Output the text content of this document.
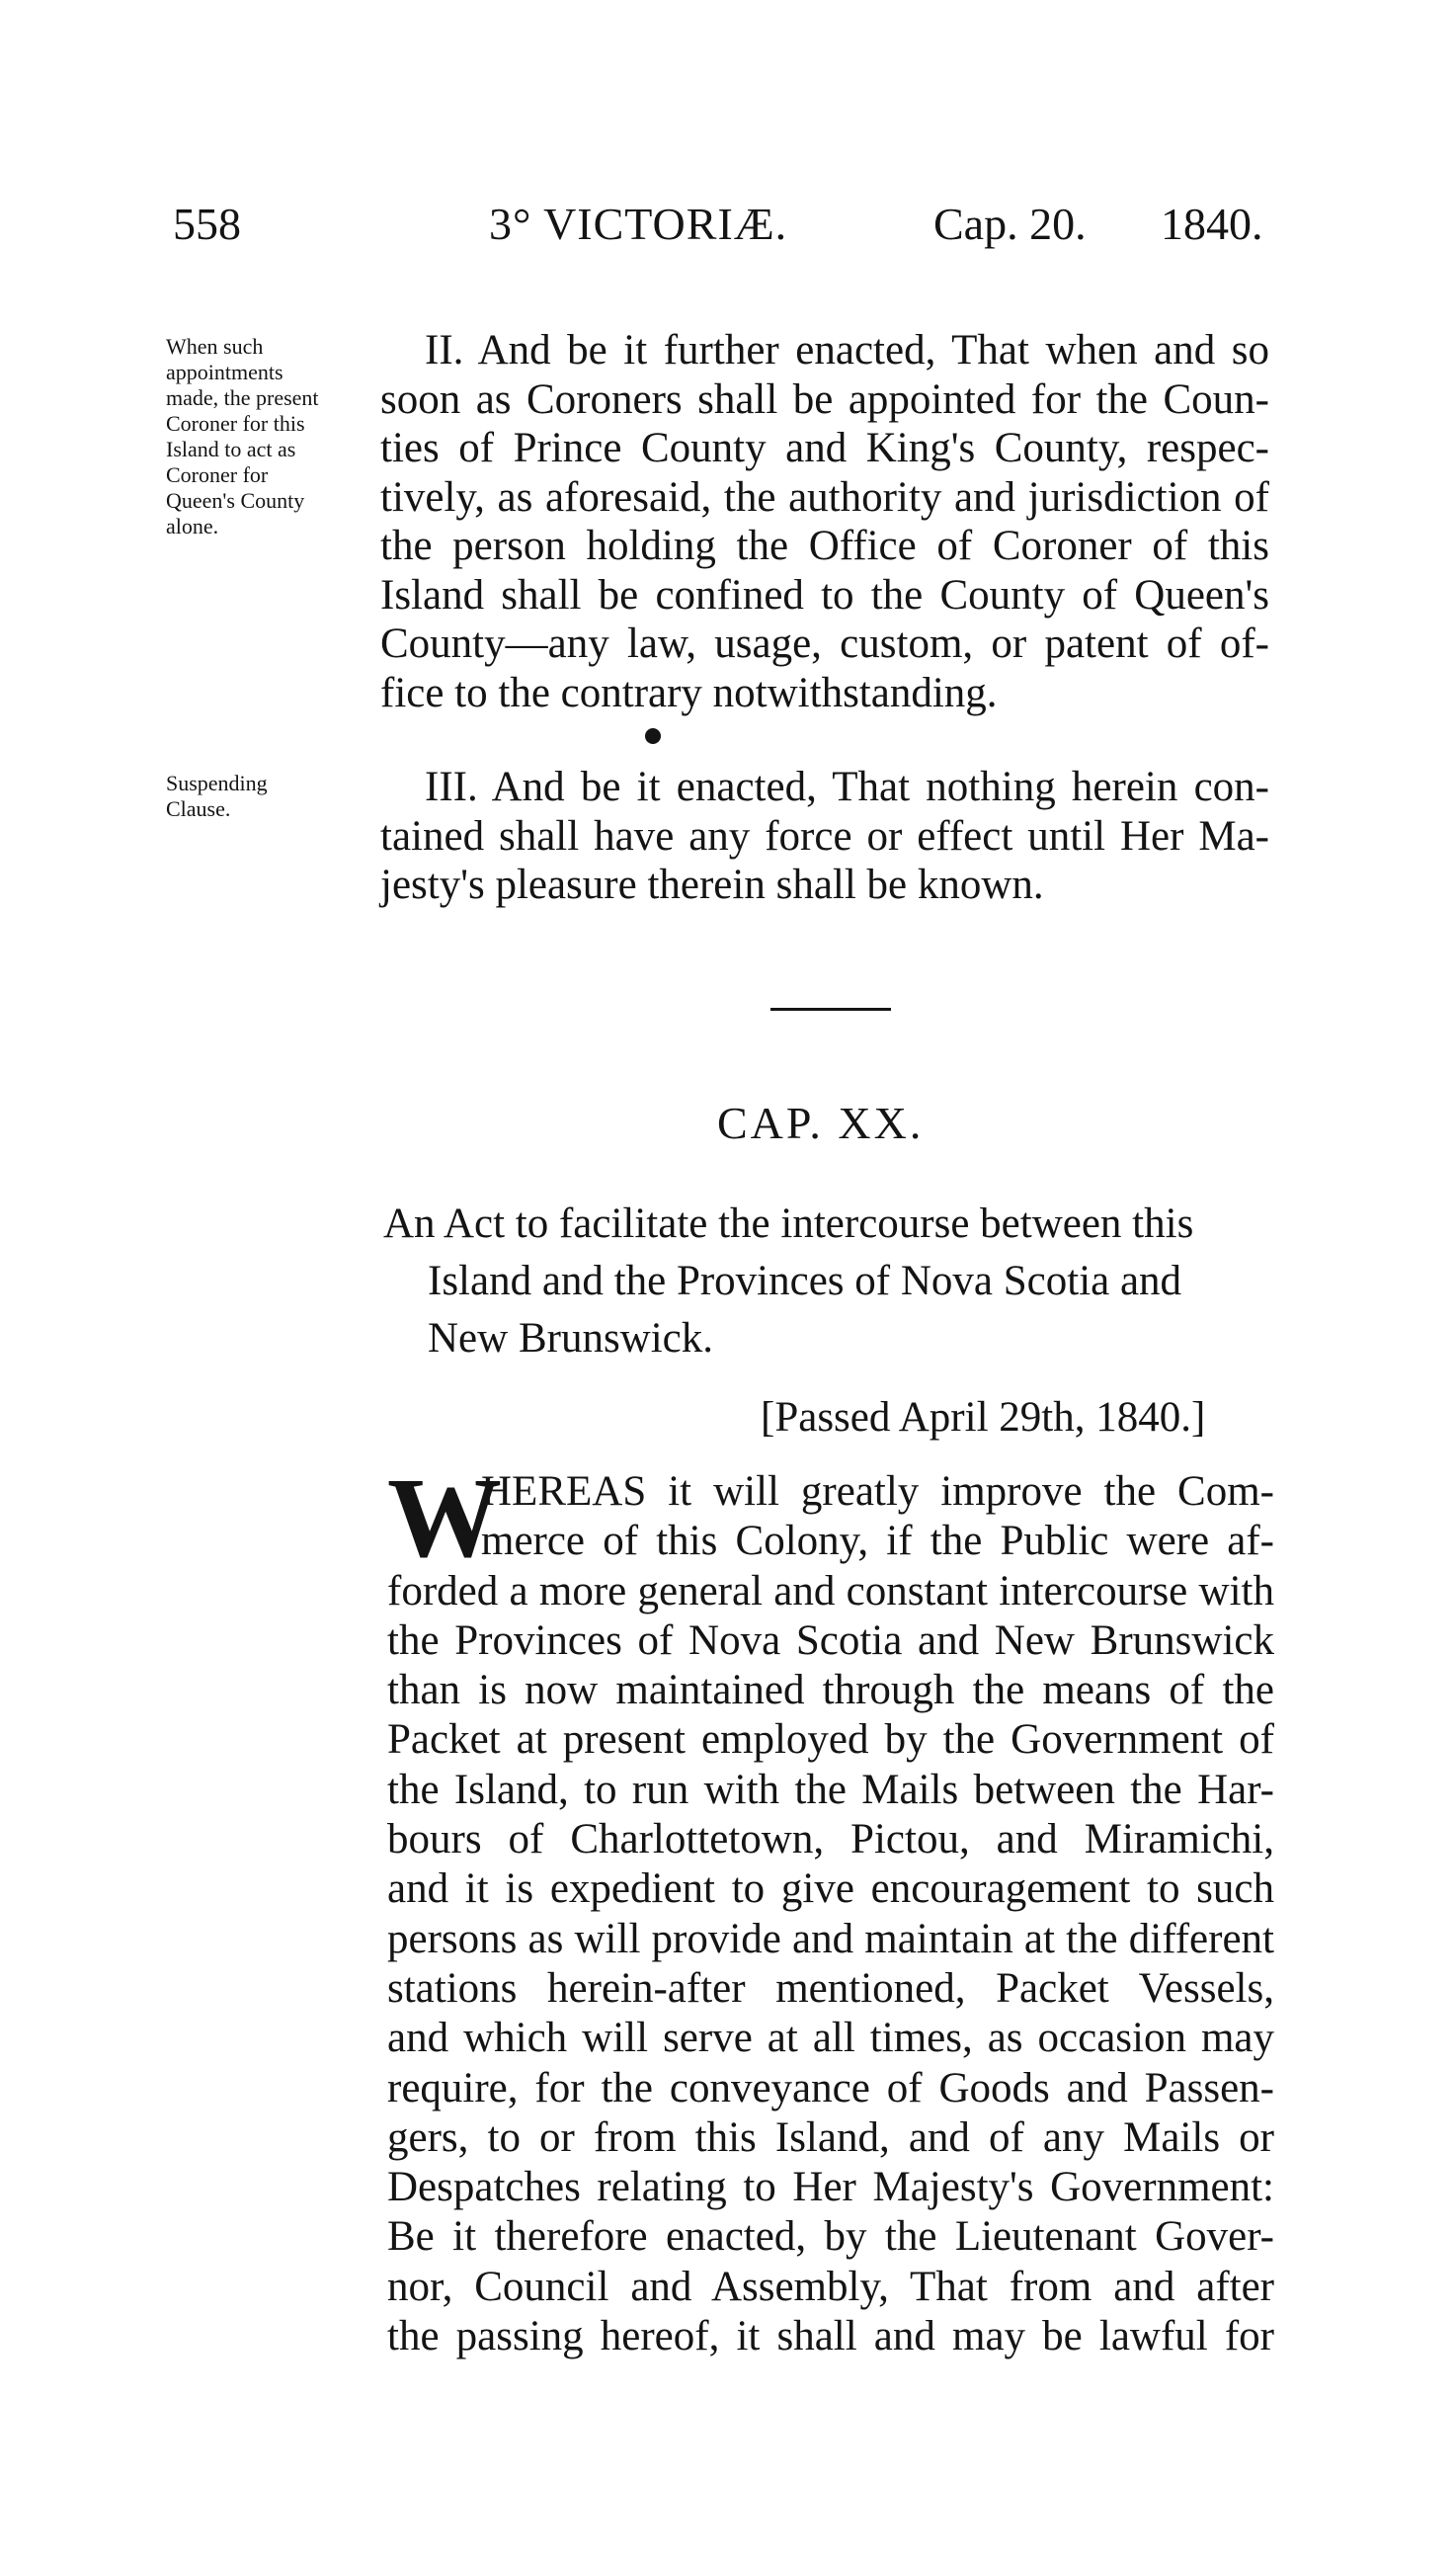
558	3° VICTORIÆ.	Cap. 20. 1840.
When such
appointments
made, the present
Coroner for this
Island to act as
Coroner for
Queen's County
alone.
Suspending
Clause.
II. And be it further enacted, That when and so
soon as Coroners shall be appointed for the Coun-
ties of Prince County and King's County, respec-
tively, as aforesaid, the authority and jurisdiction of
the person holding the Office of Coroner of this
Island shall be confined to the County of Queen's
County—any law, usage, custom, or patent of of-
fice to the contrary notwithstanding.
III. And be it enacted, That nothing herein con-
tained shall have any force or effect until Her Ma-
jesty's pleasure therein shall be known.
CAP. XX.
An Act to facilitate the intercourse between this
Island and the Provinces of Nova Scotia and
New Brunswick.
[Passed April 29th, 1840.]
W
HEREAS it will greatly improve the Com-
merce of this Colony, if the Public were af-
forded a more general and constant intercourse with
the Provinces of Nova Scotia and New Brunswick
than is now maintained through the means of the
Packet at present employed by the Government of
the Island, to run with the Mails between the Har-
bours of Charlottetown, Pictou, and Miramichi,
and it is expedient to give encouragement to such
persons as will provide and maintain at the different
stations herein-after mentioned, Packet Vessels,
and which will serve at all times, as occasion may
require, for the conveyance of Goods and Passen-
gers, to or from this Island, and of any Mails or
Despatches relating to Her Majesty's Government:
Be it therefore enacted, by the Lieutenant Gover-
nor, Council and Assembly, That from and after
the passing hereof, it shall and may be lawful for
